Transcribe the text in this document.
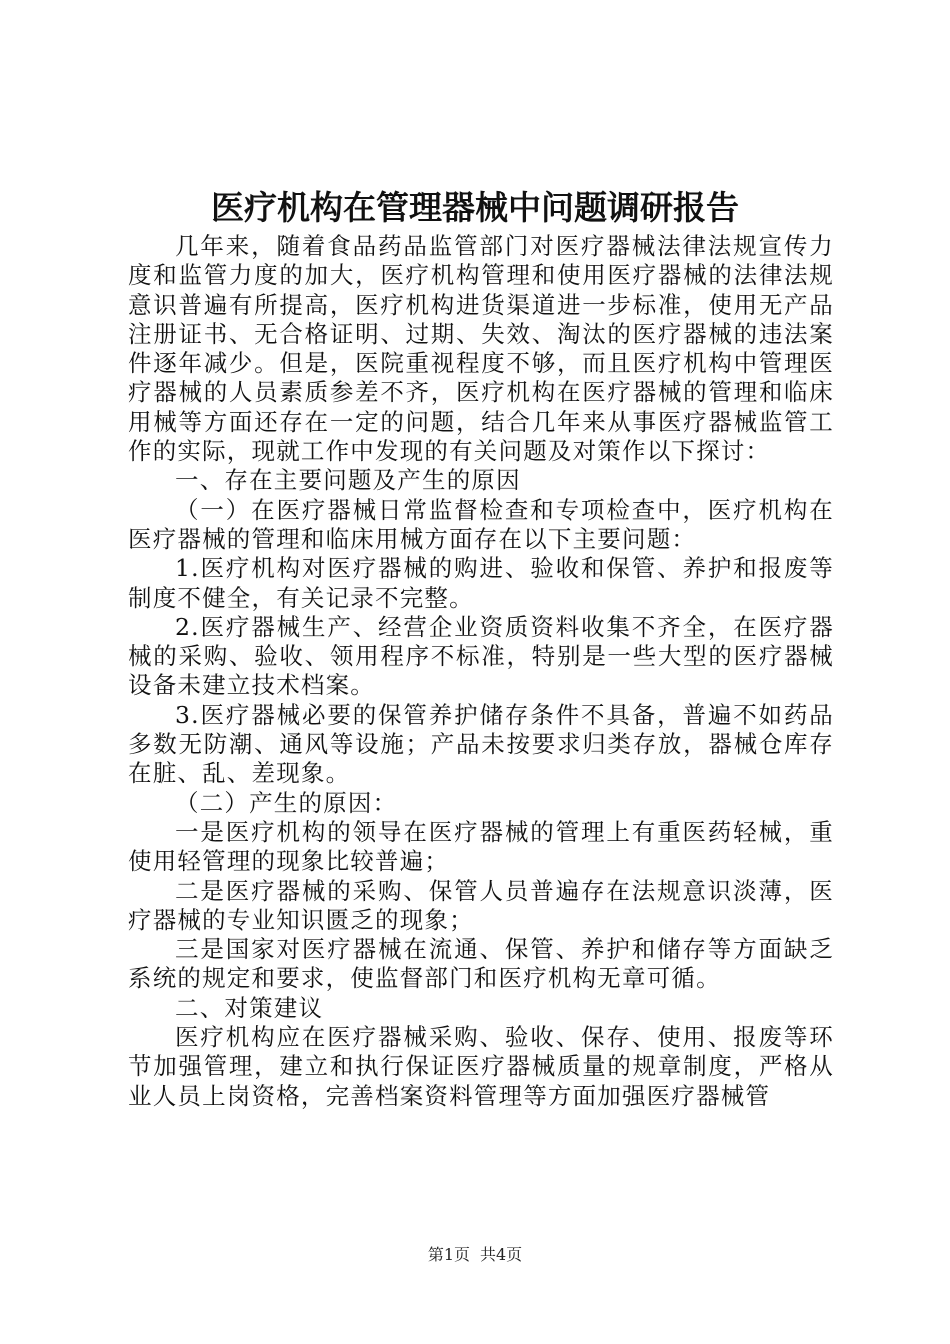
医疗机构在管理器械中问题调研报告

几年来，随着食品药品监管部门对医疗器械法律法规宣传力度和监管力度的加大，医疗机构管理和使用医疗器械的法律法规意识普遍有所提高，医疗机构进货渠道进一步标准，使用无产品注册证书、无合格证明、过期、失效、淘汰的医疗器械的违法案件逐年减少。但是，医院重视程度不够，而且医疗机构中管理医疗器械的人员素质参差不齐，医疗机构在医疗器械的管理和临床用械等方面还存在一定的问题，结合几年来从事医疗器械监管工作的实际，现就工作中发现的有关问题及对策作以下探讨：

一、存在主要问题及产生的原因

（一）在医疗器械日常监督检查和专项检查中，医疗机构在医疗器械的管理和临床用械方面存在以下主要问题：

1.医疗机构对医疗器械的购进、验收和保管、养护和报废等制度不健全，有关记录不完整。

2.医疗器械生产、经营企业资质资料收集不齐全，在医疗器械的采购、验收、领用程序不标准，特别是一些大型的医疗器械设备未建立技术档案。

3.医疗器械必要的保管养护储存条件不具备，普遍不如药品多数无防潮、通风等设施；产品未按要求归类存放，器械仓库存在脏、乱、差现象。

（二）产生的原因：

一是医疗机构的领导在医疗器械的管理上有重医药轻械，重使用轻管理的现象比较普遍；

二是医疗器械的采购、保管人员普遍存在法规意识淡薄，医疗器械的专业知识匮乏的现象；

三是国家对医疗器械在流通、保管、养护和储存等方面缺乏系统的规定和要求，使监督部门和医疗机构无章可循。

二、对策建议

医疗机构应在医疗器械采购、验收、保存、使用、报废等环节加强管理，建立和执行保证医疗器械质量的规章制度，严格从业人员上岗资格，完善档案资料管理等方面加强医疗器械管

第1页 共4页
